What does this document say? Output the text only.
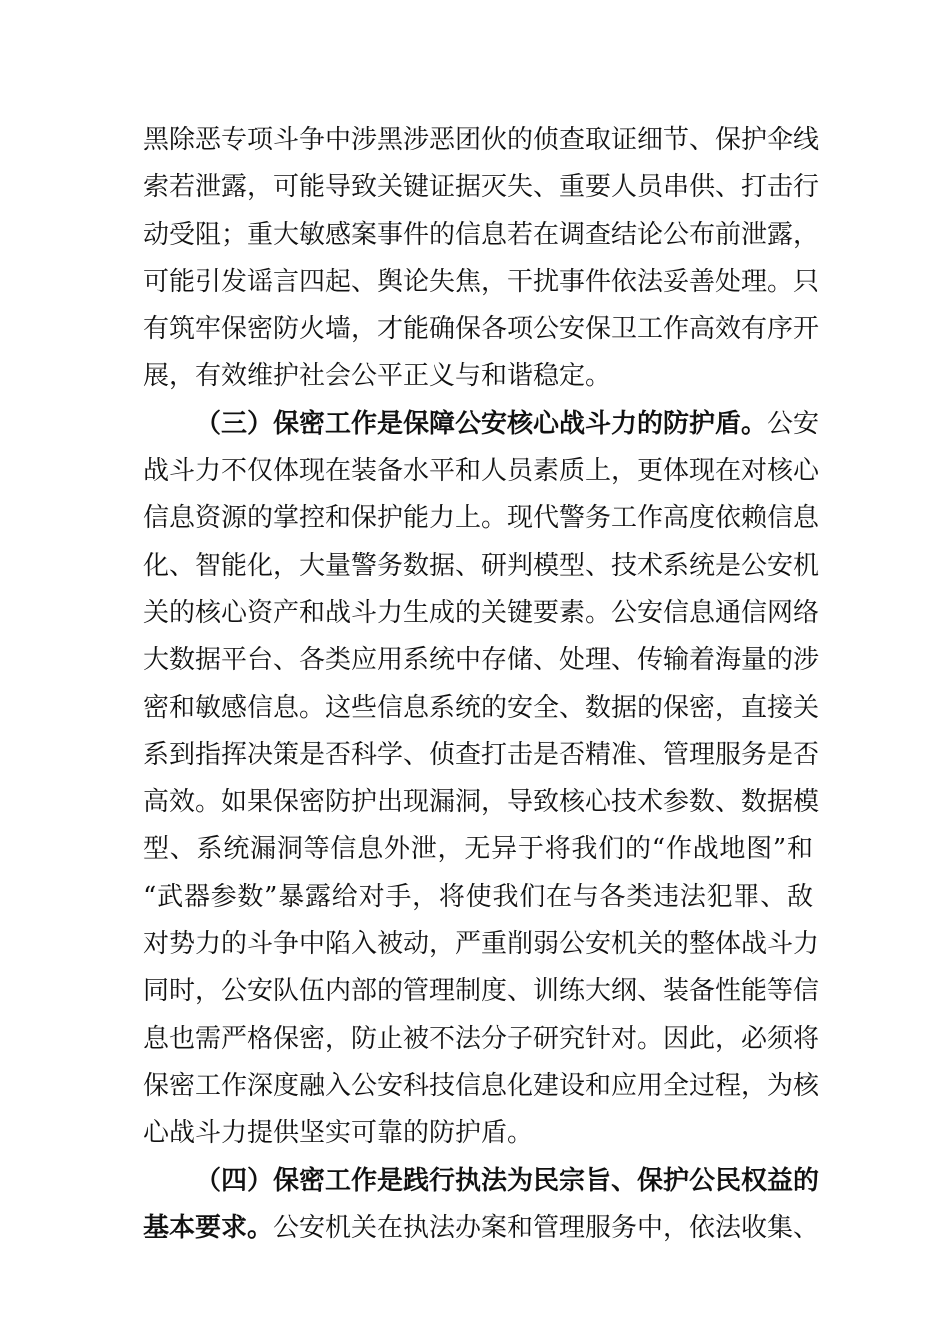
黑除恶专项斗争中涉黑涉恶团伙的侦查取证细节、保护伞线
索若泄露，可能导致关键证据灭失、重要人员串供、打击行
动受阻；重大敏感案事件的信息若在调查结论公布前泄露，
可能引发谣言四起、舆论失焦，干扰事件依法妥善处理。只
有筑牢保密防火墙，才能确保各项公安保卫工作高效有序开
展，有效维护社会公平正义与和谐稳定。
（三）保密工作是保障公安核心战斗力的防护盾。公安
战斗力不仅体现在装备水平和人员素质上，更体现在对核心
信息资源的掌控和保护能力上。现代警务工作高度依赖信息
化、智能化，大量警务数据、研判模型、技术系统是公安机
关的核心资产和战斗力生成的关键要素。公安信息通信网络
大数据平台、各类应用系统中存储、处理、传输着海量的涉
密和敏感信息。这些信息系统的安全、数据的保密，直接关
系到指挥决策是否科学、侦查打击是否精准、管理服务是否
高效。如果保密防护出现漏洞，导致核心技术参数、数据模
型、系统漏洞等信息外泄，无异于将我们的“作战地图”和
“武器参数”暴露给对手，将使我们在与各类违法犯罪、敌
对势力的斗争中陷入被动，严重削弱公安机关的整体战斗力
同时，公安队伍内部的管理制度、训练大纲、装备性能等信
息也需严格保密，防止被不法分子研究针对。因此，必须将
保密工作深度融入公安科技信息化建设和应用全过程，为核
心战斗力提供坚实可靠的防护盾。
（四）保密工作是践行执法为民宗旨、保护公民权益的
基本要求。公安机关在执法办案和管理服务中，依法收集、
